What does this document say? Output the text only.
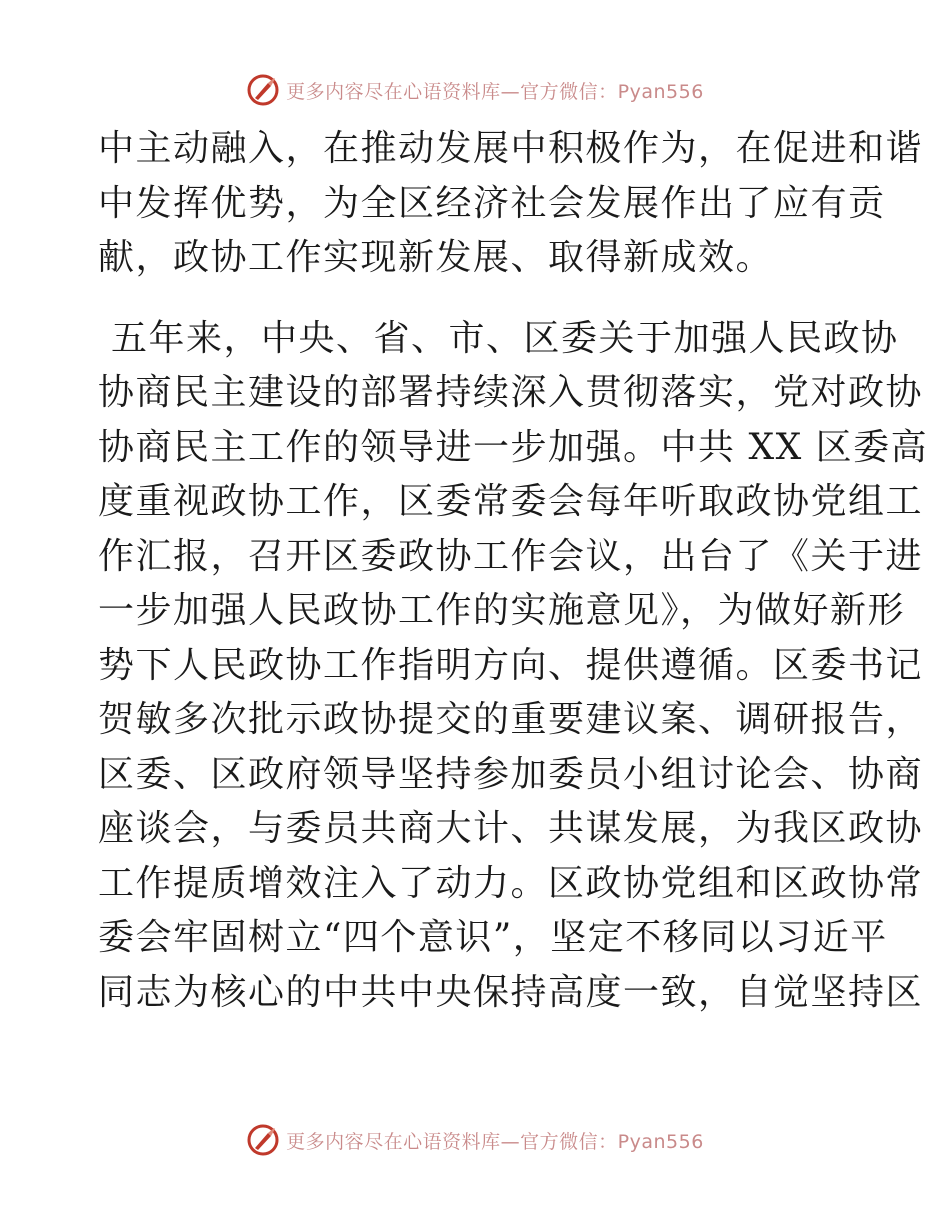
更多内容尽在心语资料库—官方微信：Pyan556
中主动融入，在推动发展中积极作为，在促进和谐
中发挥优势，为全区经济社会发展作出了应有贡
献，政协工作实现新发展、取得新成效。
五年来，中央、省、市、区委关于加强人民政协
协商民主建设的部署持续深入贯彻落实，党对政协
协商民主工作的领导进一步加强。中共 XX 区委高
度重视政协工作，区委常委会每年听取政协党组工
作汇报，召开区委政协工作会议，出台了《关于进
一步加强人民政协工作的实施意见》，为做好新形
势下人民政协工作指明方向、提供遵循。区委书记
贺敏多次批示政协提交的重要建议案、调研报告，
区委、区政府领导坚持参加委员小组讨论会、协商
座谈会，与委员共商大计、共谋发展，为我区政协
工作提质增效注入了动力。区政协党组和区政协常
委会牢固树立“四个意识”，坚定不移同以习近平
同志为核心的中共中央保持高度一致，自觉坚持区
更多内容尽在心语资料库—官方微信：Pyan556
